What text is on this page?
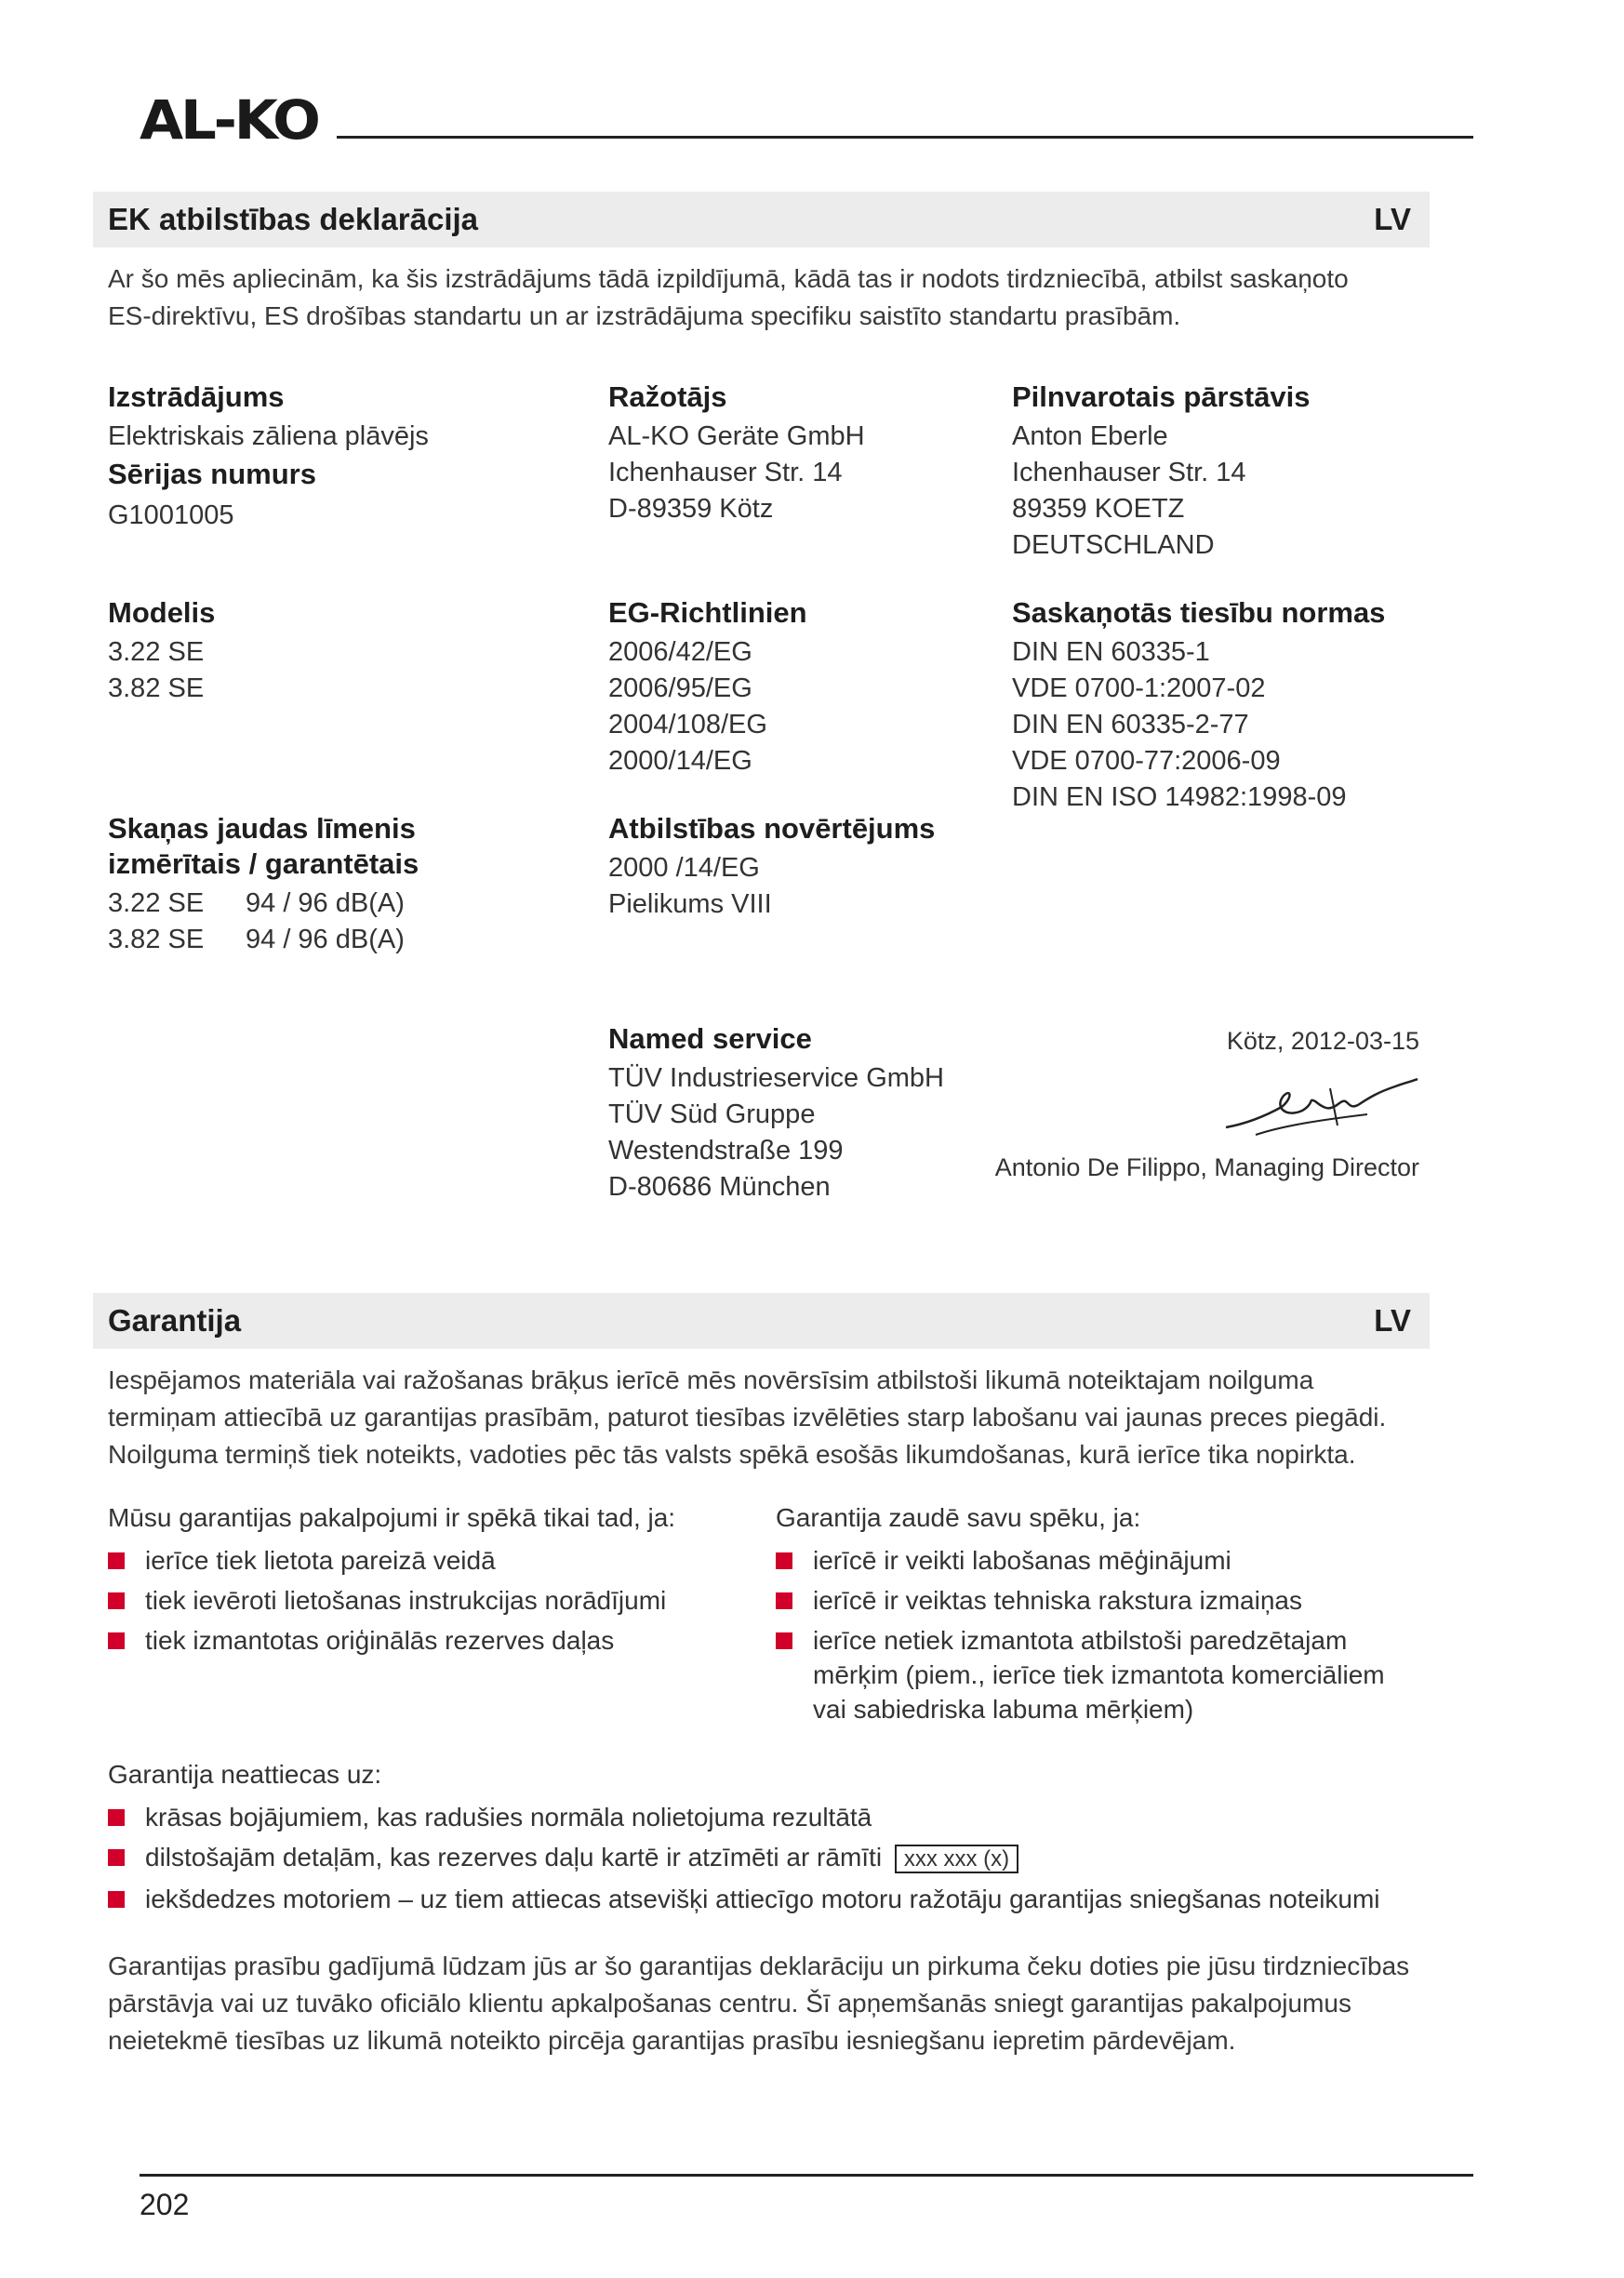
AL-KO
EK atbilstības deklarācija	LV
Ar šo mēs apliecinām, ka šis izstrādājums tādā izpildījumā, kādā tas ir nodots tirdzniecībā, atbilst saskaņoto ES-direktīvu, ES drošības standartu un ar izstrādājuma specifiku saistīto standartu prasībām.
Izstrādājums
Elektriskais zāliena plāvējs
Sērijas numurs
G1001005
Ražotājs
AL-KO Geräte GmbH
Ichenhauser Str. 14
D-89359 Kötz
Pilnvarotais pārstāvis
Anton Eberle
Ichenhauser Str. 14
89359 KOETZ
DEUTSCHLAND
Modelis
3.22 SE
3.82 SE
EG-Richtlinien
2006/42/EG
2006/95/EG
2004/108/EG
2000/14/EG
Saskaņotās tiesību normas
DIN EN 60335-1
VDE 0700-1:2007-02
DIN EN 60335-2-77
VDE 0700-77:2006-09
DIN EN ISO 14982:1998-09
Skaņas jaudas līmenis
izmērītais / garantētais
3.22 SE	94 / 96 dB(A)
3.82 SE	94 / 96 dB(A)
Atbilstības novērtējums
2000 /14/EG
Pielikums VIII
Named service
TÜV Industrieservice GmbH
TÜV Süd Gruppe
Westendstraße 199
D-80686 München
Kötz, 2012-03-15
Antonio De Filippo, Managing Director
Garantija	LV
Iespējamos materiāla vai ražošanas brāķus ierīcē mēs novērsīsim atbilstoši likumā noteiktajam noilguma termiņam attiecībā uz garantijas prasībām, paturot tiesības izvēlēties starp labošanu vai jaunas preces piegādi. Noilguma termiņš tiek noteikts, vadoties pēc tās valsts spēkā esošās likumdošanas, kurā ierīce tika nopirkta.
Mūsu garantijas pakalpojumi ir spēkā tikai tad, ja:
ierīce tiek lietota pareizā veidā
tiek ievēroti lietošanas instrukcijas norādījumi
tiek izmantotas oriģinālās rezerves daļas
Garantija zaudē savu spēku, ja:
ierīcē ir veikti labošanas mēģinājumi
ierīcē ir veiktas tehniska rakstura izmaiņas
ierīce netiek izmantota atbilstoši paredzētajam mērķim (piem., ierīce tiek izmantota komerciāliem vai sabiedriska labuma mērķiem)
Garantija neattiecas uz:
krāsas bojājumiem, kas radušies normāla nolietojuma rezultātā
dilstošajām detaļām, kas rezerves daļu kartē ir atzīmēti ar rāmīti xxx xxx (x)
iekšdedzes motoriem – uz tiem attiecas atsevišķi attiecīgo motoru ražotāju garantijas sniegšanas noteikumi
Garantijas prasību gadījumā lūdzam jūs ar šo garantijas deklarāciju un pirkuma čeku doties pie jūsu tirdzniecības pārstāvja vai uz tuvāko oficiālo klientu apkalpošanas centru. Šī apņemšanās sniegt garantijas pakalpojumus neietekmē tiesības uz likumā noteikto pircēja garantijas prasību iesniegšanu iepretim pārdevējam.
202
